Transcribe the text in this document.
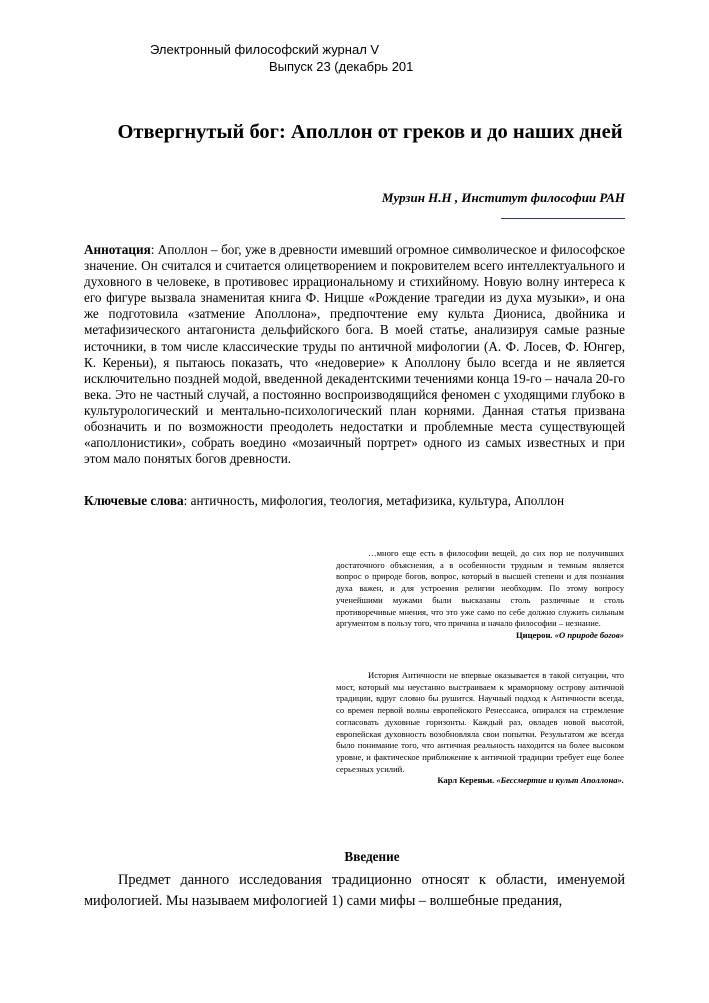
Электронный философский журнал V
Выпуск 23 (декабрь 201
Отвергнутый бог: Аполлон от греков и до наших дней
Мурзин Н.Н , Институт философии РАН
Аннотация: Аполлон – бог, уже в древности имевший огромное символическое и философское значение. Он считался и считается олицетворением и покровителем всего интеллектуального и духовного в человеке, в противовес иррациональному и стихийному. Новую волну интереса к его фигуре вызвала знаменитая книга Ф. Ницше «Рождение трагедии из духа музыки», и она же подготовила «затмение Аполлона», предпочтение ему культа Диониса, двойника и метафизического антагониста дельфийского бога. В моей статье, анализируя самые разные источники, в том числе классические труды по античной мифологии (А. Ф. Лосев, Ф. Юнгер, К. Кереньи), я пытаюсь показать, что «недоверие» к Аполлону было всегда и не является исключительно поздней модой, введенной декадентскими течениями конца 19-го – начала 20-го века. Это не частный случай, а постоянно воспроизводящийся феномен с уходящими глубоко в культурологический и ментально-психологический план корнями. Данная статья призвана обозначить и по возможности преодолеть недостатки и проблемные места существующей «аполлонистики», собрать воедино «мозаичный портрет» одного из самых известных и при этом мало понятых богов древности.
Ключевые слова: античность, мифология, теология, метафизика, культура, Аполлон
…много еще есть в философии вещей, до сих пор не получивших достаточного объяснения, а в особенности трудным и темным является вопрос о природе богов, вопрос, который в высшей степени и для познания духа важен, и для устроения религии необходим. По этому вопросу ученейшими мужами были высказаны столь различные и столь противоречивые мнения, что это уже само по себе должно служить сильным аргументом в пользу того, что причина и начало философии – незнание.
Цицерон. «О природе богов»
История Античности не впервые оказывается в такой ситуации, что мост, который мы неустанно выстраиваем к мраморному острову античной традиции, вдруг словно бы рушится. Научный подход к Античности всегда, со времен первой волны европейского Ренессанса, опирался на стремление согласовать духовные горизонты. Каждый раз, овладев новой высотой, европейская духовность возобновляла свои попытки. Результатом же всегда было понимание того, что античная реальность находится на более высоком уровне, и фактическое приближение к античной традиции требует еще более серьезных усилий.
Карл Кереньи. «Бессмертие и культ Аполлона».
Введение
Предмет данного исследования традиционно относят к области, именуемой мифологией. Мы называем мифологией 1) сами мифы – волшебные предания,
